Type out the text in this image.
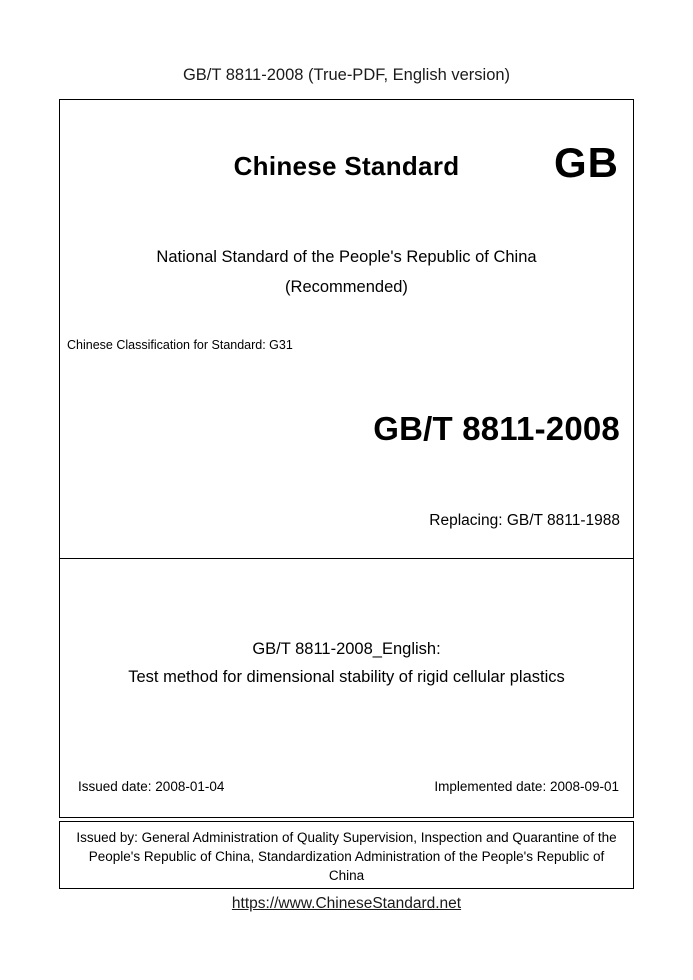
GB/T 8811-2008 (True-PDF, English version)
Chinese Standard	GB
National Standard of the People's Republic of China
(Recommended)
Chinese Classification for Standard: G31
GB/T 8811-2008
Replacing: GB/T 8811-1988
GB/T 8811-2008_English:
Test method for dimensional stability of rigid cellular plastics
Issued date: 2008-01-04	Implemented date: 2008-09-01
Issued by: General Administration of Quality Supervision, Inspection and Quarantine of the People's Republic of China, Standardization Administration of the People's Republic of China
https://www.ChineseStandard.net
